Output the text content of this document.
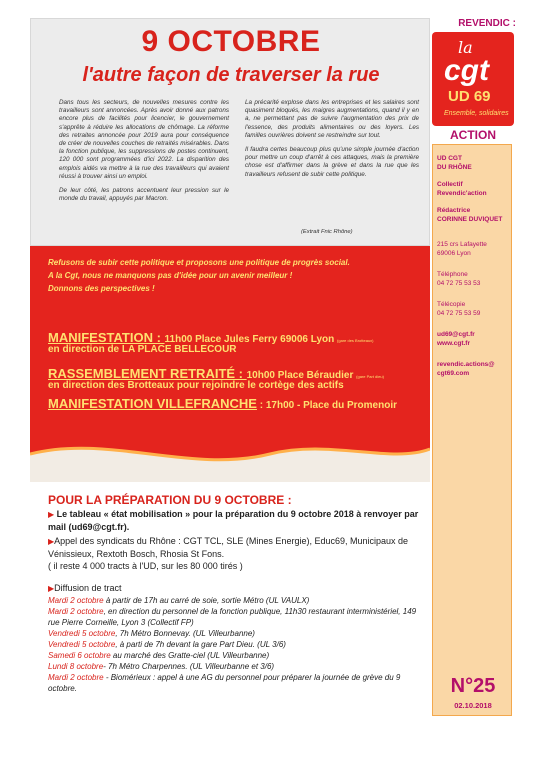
9 OCTOBRE
l'autre façon de traverser la rue

Dans tous les secteurs, de nouvelles mesures contre les travailleurs sont annoncées. Après avoir donné aux patrons encore plus de facilités pour licencier, le gouvernement s'apprête à réduire les allocations de chômage. La réforme des retraites annoncée pour 2019 aura pour conséquence de créer de nouvelles couches de retraités misérables. Dans la fonction publique, les suppressions de postes continuent, 120 000 sont programmées d'ici 2022. La disparition des emplois aidés va mettre à la rue des travailleurs qui avaient réussi à trouver ainsi un emploi.

De leur côté, les patrons accentuent leur pression sur le monde du travail, appuyés par Macron.

La précarité explose dans les entreprises et les salaires sont quasiment bloqués, les maigres augmentations, quand il y en a, ne permettant pas de suivre l'augmentation des prix de l'essence, des produits alimentaires ou des loyers. Les familles ouvrières doivent se restreindre sur tout.

Il faudra certes beaucoup plus qu'une simple journée d'action pour mettre un coup d'arrêt à ces attaques, mais la première chose est d'affirmer dans la grève et dans la rue que les travailleurs refusent de subir cette politique.

(Extrait Fnic Rhône)
Refusons de subir cette politique et proposons une politique de progrès social.
A la Cgt, nous ne manquons pas d'idée pour un avenir meilleur !
Donnons des perspectives !
MANIFESTATION : 11h00 Place Jules Ferry 69006 Lyon (gare des Brotteaux)
en direction de LA PLACE BELLECOUR
RASSEMBLEMENT RETRAITÉ : 10h00 Place Béraudier (gare Part dieu)
en direction des Brotteaux pour rejoindre le cortège des actifs
MANIFESTATION VILLEFRANCHE : 17h00 - Place du Promenoir
POUR LA PRÉPARATION DU 9 OCTOBRE :
▶ Le tableau « état mobilisation » pour la préparation du 9 octobre 2018 à renvoyer par mail (ud69@cgt.fr).
▶Appel des syndicats du Rhône : CGT TCL, SLE (Mines Energie), Educ69, Municipaux de Vénissieux, Rextoth Bosch, Rhosia St Fons.
( il reste 4 000 tracts à l'UD, sur les 80 000 tirés )
▶Diffusion de tract
Mardi 2 octobre à partir de 17h au carré de soie, sortie Métro (UL VAULX)
Mardi 2 octobre, en direction du personnel de la fonction publique, 11h30 restaurant interministériel, 149 rue Pierre Corneille, Lyon 3 (Collectif FP)
Vendredi 5 octobre, 7h Métro Bonnevay. (UL Villeurbanne)
Vendredi 5 octobre, à parti de 7h devant la gare Part Dieu. (UL 3/6)
Samedi 6 octobre au marché des Gratte-ciel (UL Villeurbanne)
Lundi 8 octobre- 7h Métro Charpennes. (UL Villeurbanne et 3/6)
Mardi 2 octobre - Biomérieux : appel à une AG du personnel pour préparer la journée de grève du 9 octobre.
REVENDIC :
la
cgt
UD 69
Ensemble, solidaires
ACTION
UD CGT
DU RHÔNE
Collectif
Revendic'action
Rédactrice
CORINNE DUVIQUET
215 crs Lafayette
69006 Lyon
Téléphone
04 72 75 53 53
Télécopie
04 72 75 53 59
ud69@cgt.fr
www.cgt.fr
revendic.actions@
cgt69.com
N°25
02.10.2018
